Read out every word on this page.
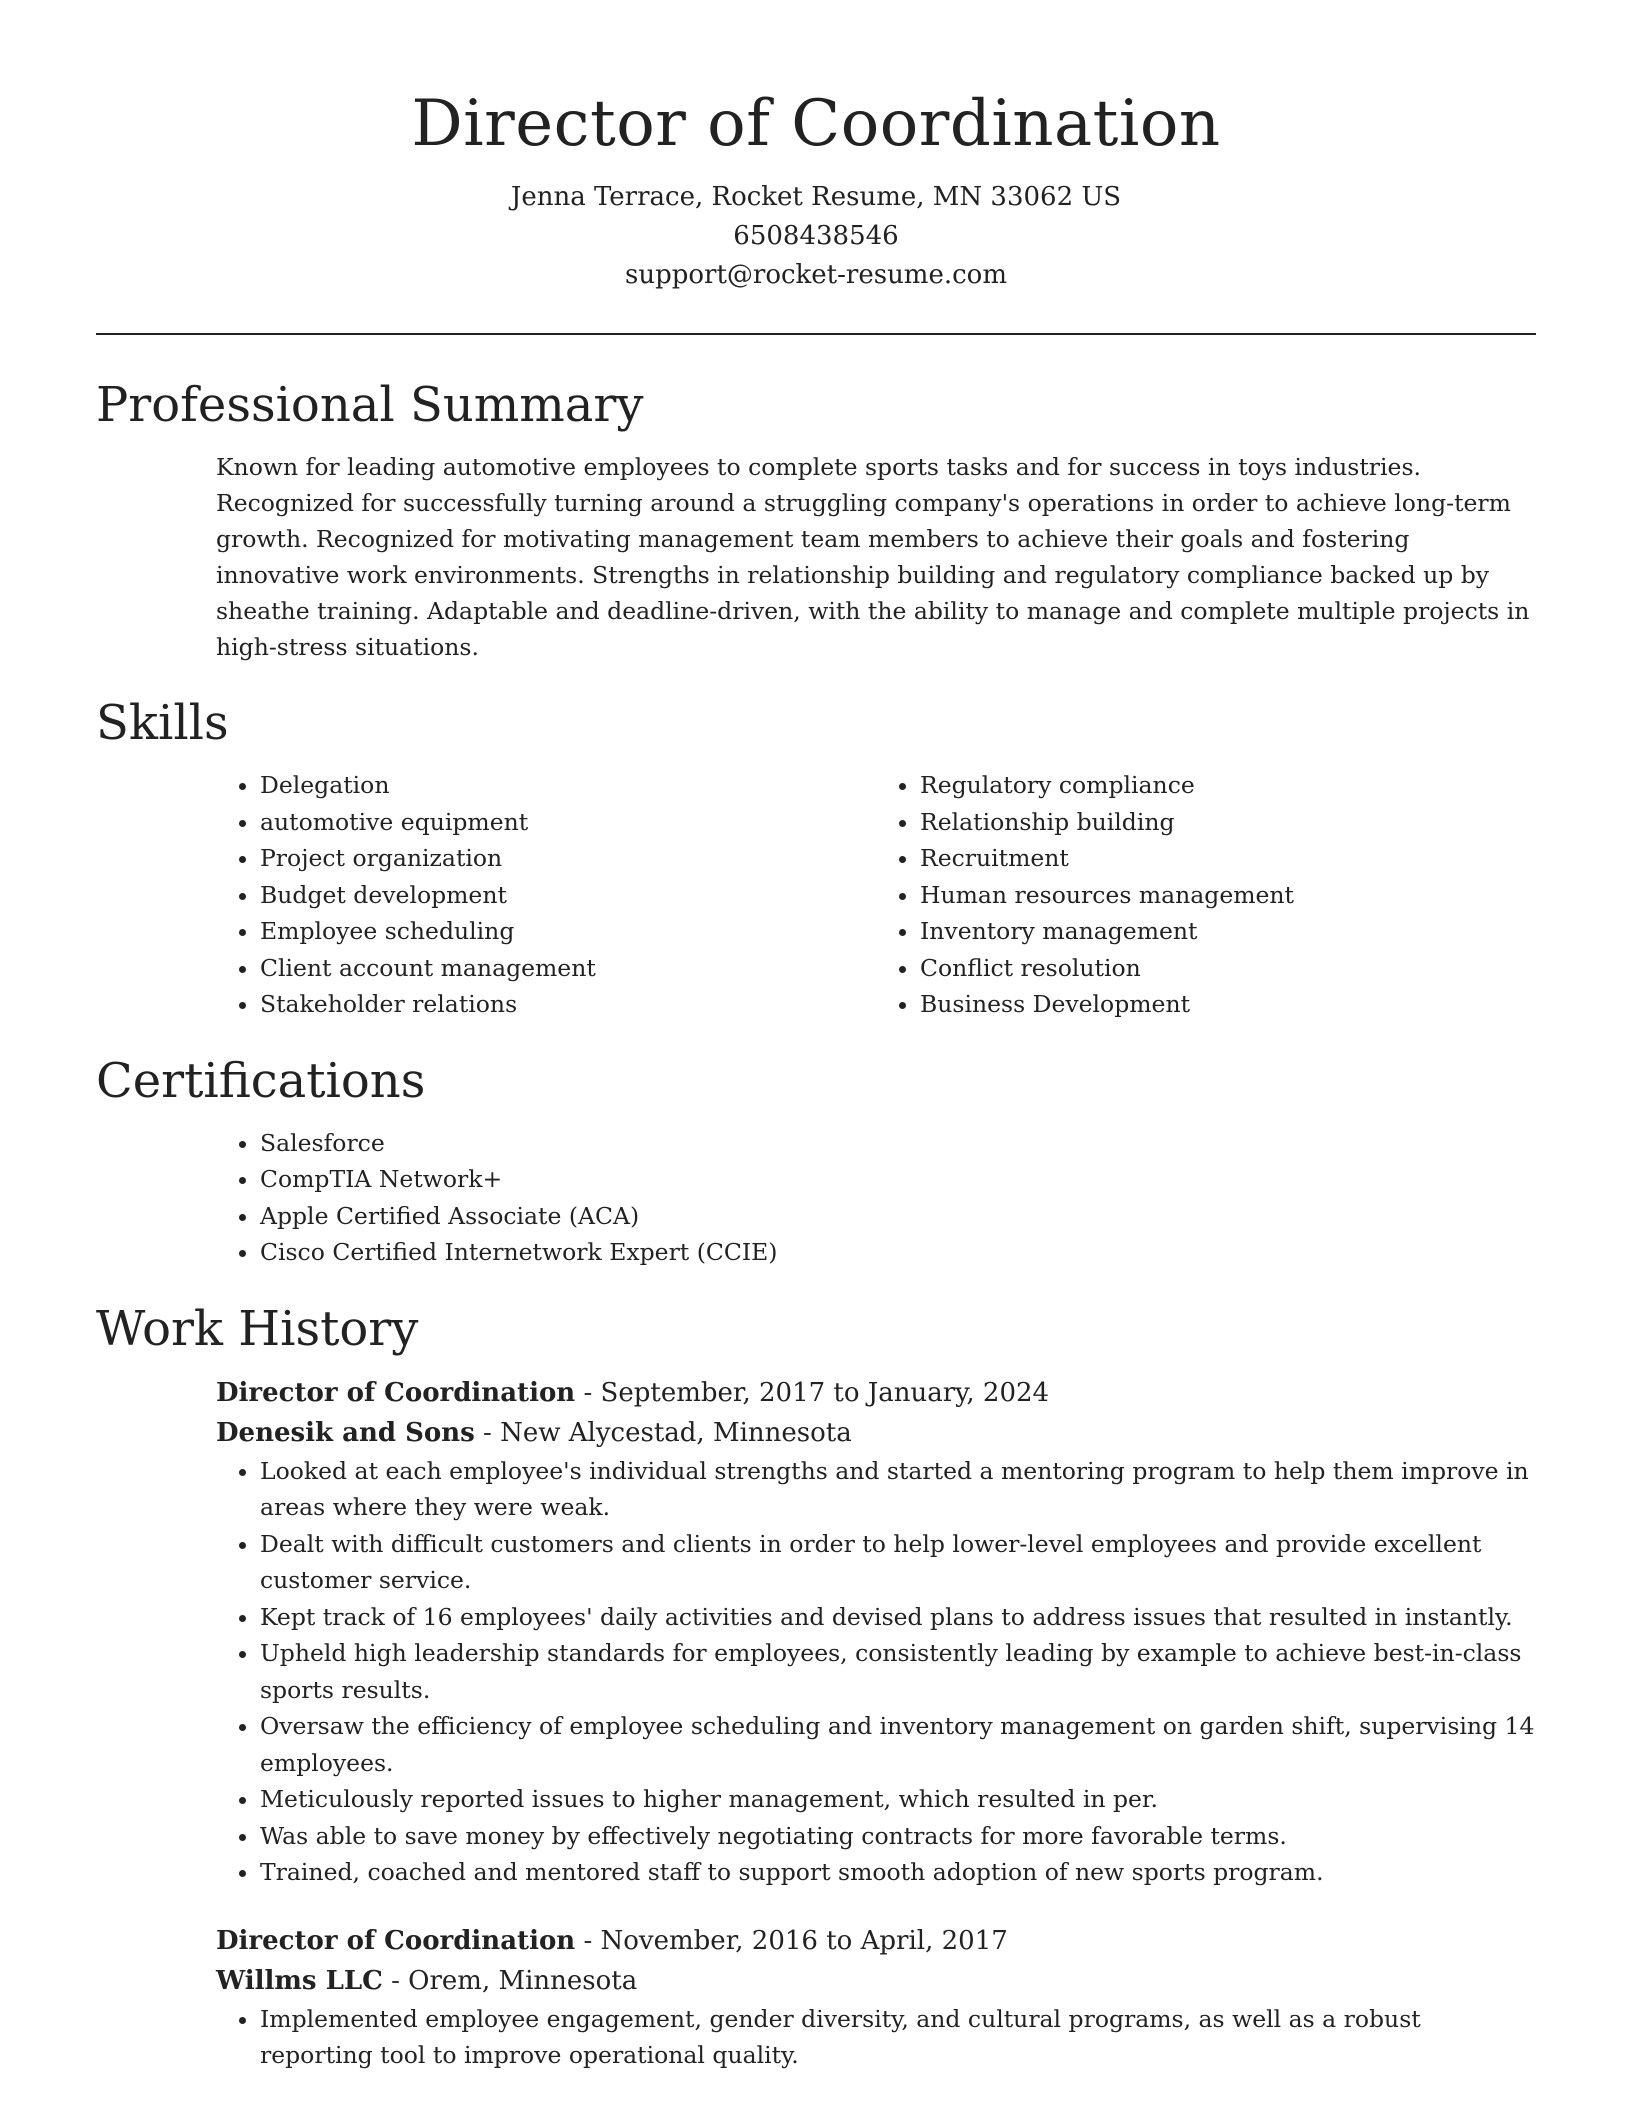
Director of Coordination
Jenna Terrace, Rocket Resume, MN 33062 US
6508438546
support@rocket-resume.com
Professional Summary

Known for leading automotive employees to complete sports tasks and for success in toys industries. Recognized for successfully turning around a struggling company's operations in order to achieve long-term growth. Recognized for motivating management team members to achieve their goals and fostering innovative work environments. Strengths in relationship building and regulatory compliance backed up by sheathe training. Adaptable and deadline-driven, with the ability to manage and complete multiple projects in high-stress situations.

Skills
• Delegation
• automotive equipment
• Project organization
• Budget development
• Employee scheduling
• Client account management
• Stakeholder relations
• Regulatory compliance
• Relationship building
• Recruitment
• Human resources management
• Inventory management
• Conflict resolution
• Business Development
Certifications
• Salesforce
• CompTIA Network+
• Apple Certified Associate (ACA)
• Cisco Certified Internetwork Expert (CCIE)
Work History
Director of Coordination - September, 2017 to January, 2024
Denesik and Sons - New Alycestad, Minnesota
• Looked at each employee's individual strengths and started a mentoring program to help them improve in areas where they were weak.
• Dealt with difficult customers and clients in order to help lower-level employees and provide excellent customer service.
• Kept track of 16 employees' daily activities and devised plans to address issues that resulted in instantly.
• Upheld high leadership standards for employees, consistently leading by example to achieve best-in-class sports results.
• Oversaw the efficiency of employee scheduling and inventory management on garden shift, supervising 14 employees.
• Meticulously reported issues to higher management, which resulted in per.
• Was able to save money by effectively negotiating contracts for more favorable terms.
• Trained, coached and mentored staff to support smooth adoption of new sports program.
Director of Coordination - November, 2016 to April, 2017
Willms LLC - Orem, Minnesota
• Implemented employee engagement, gender diversity, and cultural programs, as well as a robust reporting tool to improve operational quality.
